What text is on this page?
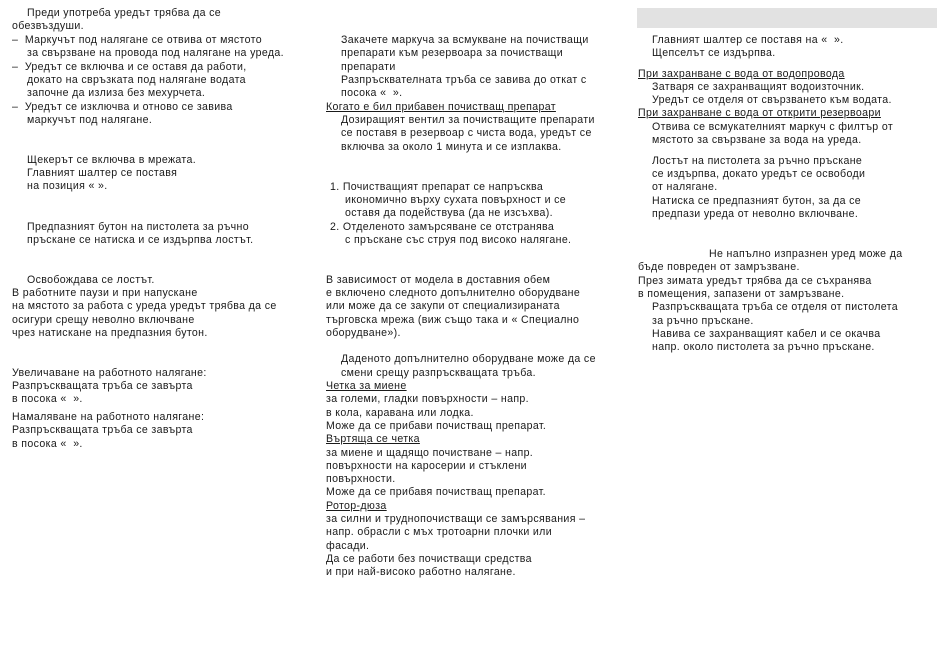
Преди употреба уредът трябва да се
обезвъздуши.
–  Маркучът под налягане се отвива от мястото
за свързване на провода под налягане на уреда.
–  Уредът се включва и се оставя да работи,
докато на свръзката под налягане водата
започне да излиза без мехурчета.
–  Уредът се изключва и отново се завива
маркучът под налягане.
Щекерът се включва в мрежата.
Главният шалтер се поставя
на позиция « ».
Предпазният бутон на пистолета за ръчно
пръскане се натиска и се издърпва лостът.
Освобождава се лостът.
В работните паузи и при напускане
на мястото за работа с уреда уредът трябва да се
осигури срещу неволно включване
чрез натискане на предпазния бутон.
Увеличаване на работното налягане:
Разпръскващата тръба се завърта
в посока «  ».
Намаляване на работното налягане:
Разпръскващата тръба се завърта
в посока «  ».
Закачете маркуча за всмукване на почистващи
препарати към резервоара за почистващи
препарати
Разпръсквателната тръба се завива до откат с
посока «  ».
Когато е бил прибавен почистващ препарат
Дозиращият вентил за почистващите препарати
се поставя в резервоар с чиста вода, уредът се
включва за около 1 минута и се изплаква.
1. Почистващият препарат се напръсква
икономично върху сухата повърхност и се
оставя да подействува (да не изсъхва).
2. Отделеното замърсяване се отстранява
с пръскане със струя под високо налягане.
В зависимост от модела в доставния обем
е включено следното допълнително оборудване
или може да се закупи от специализираната
търговска мрежа (виж също така и « Специално
оборудване»).
Даденото допълнително оборудване може да се
смени срещу разпръскващата тръба.
Четка за миене
за големи, гладки повърхности – напр.
в кола, каравана или лодка.
Може да се прибави почистващ препарат.
Въртяща се четка
за миене и щадящо почистване – напр.
повърхности на каросерии и стъклени
повърхности.
Може да се прибавя почистващ препарат.
Ротор-дюза
за силни и труднопочистващи се замърсявания –
напр. обрасли с мъх тротоарни плочки или
фасади.
Да се работи без почистващи средства
и при най-високо работно налягане.
Главният шалтер се поставя на «  ».
Щепселът се издърпва.
При захранване с вода от водопровода
Затваря се захранващият водоизточник.
Уредът се отделя от свързването към водата.
При захранване с вода от открити резервоари
Отвива се всмукателният маркуч с филтър от
мястото за свързване за вода на уреда.
Лостът на пистолета за ръчно пръскане
се издърпва, докато уредът се освободи
от налягане.
Натиска се предпазният бутон, за да се
предпази уреда от неволно включване.
Не напълно изпразнен уред може да
бъде повреден от замръзване.
През зимата уредът трябва да се съхранява
в помещения, запазени от замръзване.
Разпръскващата тръба се отделя от пистолета
за ръчно пръскане.
Навива се захранващият кабел и се окачва
напр. около пистолета за ръчно пръскане.
